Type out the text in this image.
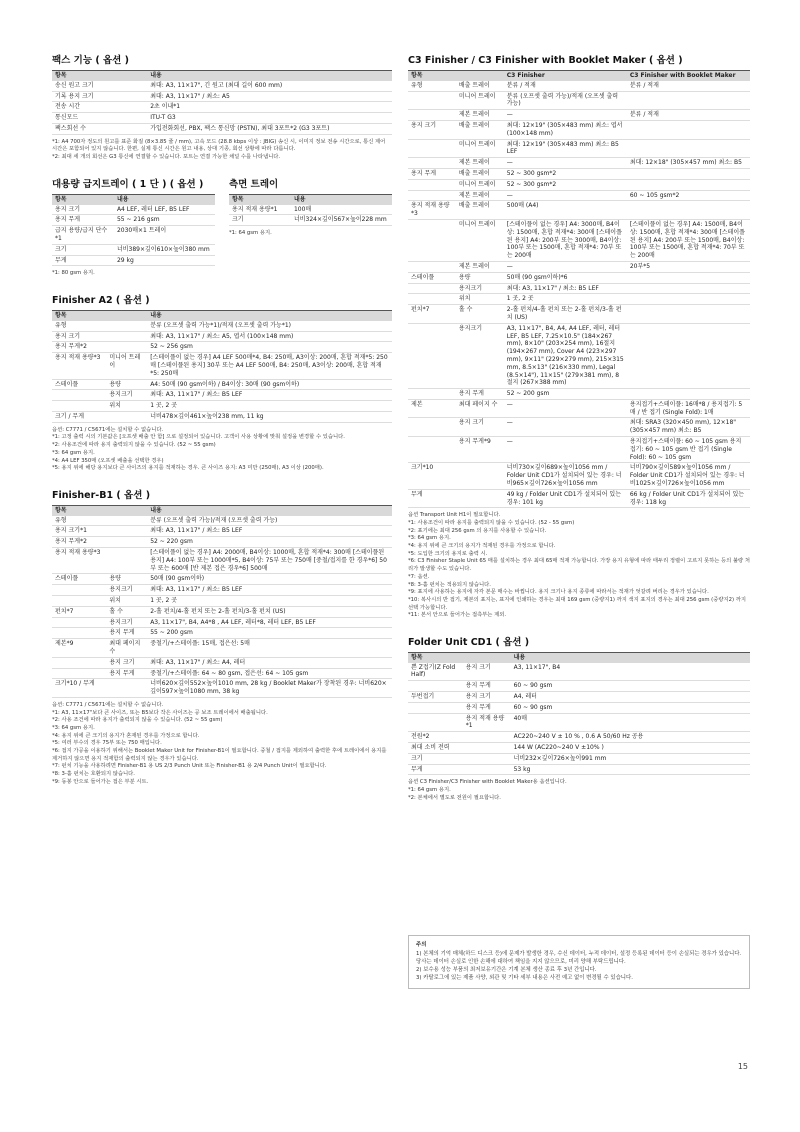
팩스 기능 ( 옵션 )
항목	내용
송신 원고 크기	최대: A3, 11×17", 긴 원고 (최대 길이 600 mm)
기록 용지 크기	최대: A3, 11×17" / 최소: A5
전송 시간	2초 이내*1
통신모드	ITU-T G3
팩스회선 수	가입전화회선, PBX, 팩스 통신망 (PSTN), 최대 3포트*2 (G3 3포트)

*1: A4 700자 정도의 원고를 표준 화질 (8×3.85 줄 / mm), 고속 모드 (28.8 kbps 이상 : JBIG) 송신 시, 이미지 정보 전송 시간으로, 통신 제어 시간은 포함되어 있지 않습니다. 한편, 실제 통신 시간은 원고 내용, 상대 기종, 회선 상황에 따라 다릅니다.

*2: 최대 세 개의 회선은 G3 통신에 연결할 수 있습니다. 포트는 연결 가능한 채널 수를 나타냅니다.

대용량 급지트레이 ( 1 단 ) ( 옵션 )
항목	내용
용지 크기	A4 LEF, 레터 LEF, B5 LEF
용지 무게	55 ~ 216 gsm
급지 용량/급지 단수*1	2030매×1 트레이
크기	너비389×깊이610×높이380 mm
무게	29 kg

*1: 80 gsm 용지.

측면 트레이
항목	내용
용지 적재 용량*1	100매
크기	너비324×깊이567×높이228 mm

*1: 64 gsm 용지.

Finisher A2 ( 옵션 )
항목		내용
유형		분류 (오프셋 출력 가능*1)/적재 (오프셋 출력 가능*1)
용지 크기		최대: A3, 11×17" / 최소: A5, 엽서 (100×148 mm)
용지 무게*2		52 ~ 256 gsm
용지 적재 용량*3	미니어 트레이	[스테이플이 없는 경우] A4 LEF 500매*4, B4: 250매, A3이상: 200매, 혼합 적재*5: 250매 [스테이플된 용지] 30부 또는 A4 LEF 500매, B4: 250매, A3이상: 200매, 혼합 적재*5: 250매
스테이플	용량	A4: 50매 (90 gsm이하) / B4이상: 30매 (90 gsm이하)
	용지크기	최대: A3, 11×17" / 최소: B5 LEF
	위치	1 곳, 2 곳
크기 / 무게		너비478×깊이461×높이238 mm, 11 kg

옵션: C7771 / C5671에는 설치할 수 없습니다.

*1: 고정 출력 시의 기본값은 [오프셋 배출 안 함] 으로 설정되어 있습니다. 고객이 사용 상황에 맞춰 설정을 변경할 수 있습니다.

*2: 사용조건에 따라 용지 출력되지 않을 수 있습니다. (52 ~ 55 gsm)

*3: 64 gsm 용지.

*4: A4 LEF 350매 (오프셋 배출을 선택한 경우)

*5: 용지 위에 해당 용지보다 큰 사이즈의 용지를 적재하는 경우. 큰 사이즈 용지: A3 미만 (250매), A3 이상 (200매).

Finisher-B1 ( 옵션 )
항목		내용
유형		분류 (오프셋 출력 가능)/적재 (오프셋 출력 가능)
용지 크기*1		최대: A3, 11×17" / 최소: B5 LEF
용지 무게*2		52 ~ 220 gsm
용지 적재 용량*3		[스테이플이 없는 경우] A4: 2000매, B4이상: 1000매, 혼합 적재*4: 300매 [스테이플된 용지] A4: 100부 또는 1000매*5, B4이상: 75부 또는 750매 [중철/접지를 한 경우*6] 50부 또는 600매 [반 제본 접은 경우*6] 500매
스테이플	용량	50매 (90 gsm이하)
	용지크기	최대: A3, 11×17" / 최소: B5 LEF
	위치	1 곳, 2 곳
펀치*7	홀 수	2-홀 펀치/4-홀 펀치 또는 2-홀 펀치/3-홀 펀치 (US)
	용지크기	A3, 11×17", B4, A4*8 , A4 LEF, 레터*8, 레터 LEF, B5 LEF
	용지 무게	55 ~ 200 gsm
제본*9	최대 페이지 수	중철기/+스테이플: 15매, 접은선: 5매
	용지 크기	최대: A3, 11×17" / 최소: A4, 레터
	용지 무게	중철기/+스테이플: 64 ~ 80 gsm, 접은선: 64 ~ 105 gsm
크기*10 / 무게		너비620×깊이552×높이1010 mm, 28 kg / Booklet Maker가 장착된 경우: 너비620×깊이597×높이1080 mm, 38 kg

옵션: C7771 / C5671에는 설치할 수 없습니다.

*1: A3, 11×17"보다 큰 사이즈, 또는 B5보다 작은 사이즈는 공 보조 트레이에서 배출됩니다.

*2: 사용 조건에 따라 용지가 출력되지 않을 수 있습니다. (52 ~ 55 gsm)

*3: 64 gsm 용지.

*4: 용지 위에 큰 크기의 용지가 혼재된 경우를 가정으로 합니다.

*5: 여러 부수의 경우 75부 또는 750 매입니다.

*6: 접지 가공을 이용하기 위해서는 Booklet Maker Unit for Finisher-B1이 필요합니다. 중철 / 접지를 제외하여 출력한 후에 트레이에서 용지를 제거하지 않으면 용지 적재함의 출력되지 않는 경우가 있습니다.

*7: 펀치 기능을 사용하려면 Finisher-B1 용 US 2/3 Punch Unit 또는 Finisher-B1 용 2/4 Punch Unit이 필요합니다.

*8: 3-홀 펀치는 호환되지 않습니다.

*9: 동봉 안으로 들어가는 접은 부분 시트.

C3 Finisher / C3 Finisher with Booklet Maker ( 옵션 )
항목		C3 Finisher	C3 Finisher with Booklet Maker
유형	배출 트레이	분류 / 적재	분류 / 적재
	미니어 트레이	분류 (오프셋 출력 가능)/적재 (오프셋 출력 가능)	
	제본 트레이	—	분류 / 적재
용지 크기	배출 트레이	최대: 12×19" (305×483 mm) 최소: 엽서 (100×148 mm)	
	미니어 트레이	최대: 12×19" (305×483 mm) 최소: B5 LEF	
	제본 트레이	—	최대: 12×18" (305×457 mm) 최소: B5
용지 무게	배출 트레이	52 ~ 300 gsm*2	
	미니어 트레이	52 ~ 300 gsm*2	
	제본 트레이	—	60 ~ 105 gsm*2
용지 적재 용량*3	배출 트레이	500매 (A4)	
	미니어 트레이	[스테이플이 없는 경우] A4: 3000매, B4이상: 1500매, 혼합 적재*4: 300매 [스테이플된 용지] A4: 200부 또는 3000매, B4이상: 100부 또는 1500매, 혼합 적재*4: 70부 또는 200매	[스테이플이 없는 경우] A4: 1500매, B4이상: 1500매, 혼합 적재*4: 300매 [스테이플된 용지] A4: 200부 또는 1500매, B4이상: 100부 또는 1500매, 혼합 적재*4: 70부 또는 200매
	제본 트레이	—	20부*5
스테이플	용량	50매 (90 gsm이하)*6	
	용지크기	최대: A3, 11×17" / 최소: B5 LEF	
	위치	1 곳, 2 곳	
펀치*7	홀 수	2-홀 펀치/4-홀 펀치 또는 2-홀 펀치/3-홀 펀치 (US)	
	용지크기	A3, 11×17", B4, A4, A4 LEF, 레터, 레터 LEF, B5 LEF, 7.25×10.5" (184×267 mm), 8×10" (203×254 mm), 16절지 (194×267 mm), Cover A4 (223×297 mm), 9×11" (229×279 mm), 215×315 mm, 8.5×13" (216×330 mm), Legal (8.5×14"), 11×15" (279×381 mm), 8절지 (267×388 mm)	
	용지 무게	52 ~ 200 gsm	
제본	최대 페이지 수	—	용지접기+스테이플: 16매*8 / 용지접기: 5매 / 반 접기 (Single Fold): 1매
	용지 크기	—	최대: SRA3 (320×450 mm), 12×18" (305×457 mm) 최소: B5
	용지 무게*9	—	용지접기+스테이플: 60 ~ 105 gsm 용지접기: 60 ~ 105 gsm 반 접기 (Single Fold): 60 ~ 105 gsm
크기*10		너비730×깊이689×높이1056 mm / Folder Unit CD1가 설치되어 있는 경우: 너비965×깊이726×높이1056 mm	너비790×깊이589×높이1056 mm / Folder Unit CD1가 설치되어 있는 경우: 너비1025×깊이726×높이1056 mm
무게		49 kg / Folder Unit CD1가 설치되어 있는 경우: 101 kg	66 kg / Folder Unit CD1가 설치되어 있는 경우: 118 kg

옵션 Transport Unit H1이 필요합니다.

*1: 사용조건이 따라 용지를 출력되지 않을 수 있습니다. (52 - 55 gsm)

*2: 표기에는 최대 256 gsm 의 용지를 사용할 수 있습니다.

*3: 64 gsm 용지.

*4: 용지 위에 큰 크기의 용지가 적재된 경우를 가정으로 합니다.

*5: 도입한 크기의 용지로 출력 시.

*6: C3 Finisher Staple Unit 65 매를 설치하는 경우 최대 65매 적재 가능합니다. 가장 용지 유형에 따라 태두리 정렬이 고르지 못하는 등의 불량 처리가 발생할 수도 있습니다.

*7: 옵션.

*8: 3-홀 펀치는 적용되지 않습니다.

*9: 표지에 사용하는 용지에 자각 본문 매수는 바뀝니다. 용지 크기나 용지 종류에 따라서는 적재가 엇갈려 버리는 경우가 있습니다.

*10: 복사시의 반 접기, 제본의 표지는, 표지에 인쇄하는 경우는 최대 169 gsm (중량지1) 까지 색지 표지의 경우는 최대 256 gsm (중량지2) 까지 선택 가능합니다.

*11: 본서 안으로 들어가는 접측부는 제외.

Folder Unit CD1 ( 옵션 )
항목		내용
쁜 Z접기(Z Fold Half)	용지 크기	A3, 11×17", B4
	용지 무게	60 ~ 90 gsm
두번접기	용지 크기	A4, 레터
	용지 무게	60 ~ 90 gsm
	용지 적재 용량*1	40매
전원*2		AC220~240 V ± 10 % , 0.6 A 50/60 Hz 공용
최대 소비 전력		144 W (AC220~240 V ±10% )
크기		너비232×깊이726×높이991 mm
무게		53 kg

옵션 C3 Finisher/C3 Finisher with Booklet Maker용 옵션입니다.

*1: 64 gsm 용지.

*2: 본체에서 별도로 전원이 필요합니다.

주의

1) 본체의 기억 매체(하드 디스크 등)에 문제가 발생한 경우, 수신 데이터, 누적 데이터, 설정 등록된 데이터 등이 손실되는 경우가 있습니다. 당사는 데이터 손실로 인한 손해에 대하여 책임을 지지 않으므로, 미리 양해 부탁드립니다.

2) 보수용 성능 부품의 최저보유기간은 기계 본체 생산 종료 후 3년 간입니다.

3) 카탈로그에 있는 제품 사양, 외관 및 기타 세부 내용은 사전 예고 없이 변경될 수 있습니다.

15
